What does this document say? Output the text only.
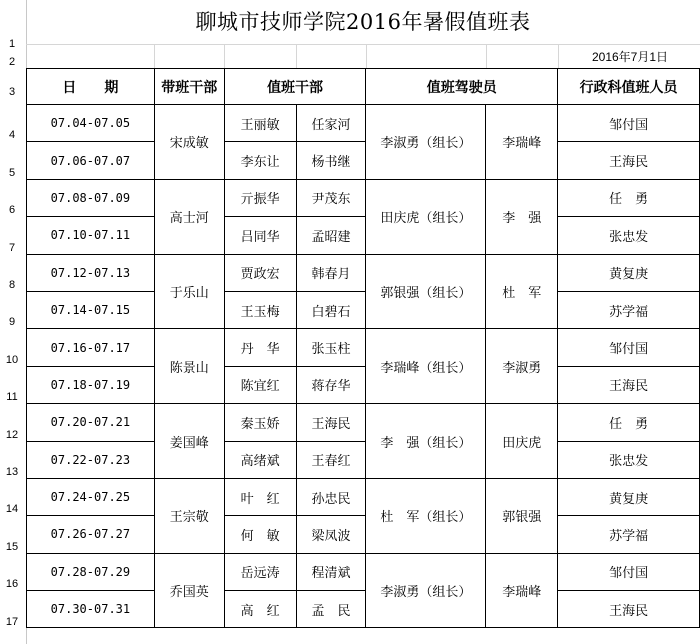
1
2
3
4
5
6
7
8
9
10
11
12
13
14
15
16
17
聊城市技师学院2016年暑假值班表
2016年7月1日
日　　期	带班干部	值班干部		值班驾驶员		行政科值班人员
07.04-07.05	宋成敏	王丽敏	任家河	李淑勇（组长）	李瑞峰	邹付国
07.06-07.07		李东让	杨书继			王海民
07.08-07.09	高士河	亓振华	尹茂东	田庆虎（组长）	李　强	任　勇
07.10-07.11		吕同华	孟昭建			张忠发
07.12-07.13	于乐山	贾政宏	韩春月	郭银强（组长）	杜　军	黄复庚
07.14-07.15		王玉梅	白碧石			苏学福
07.16-07.17	陈景山	丹　华	张玉柱	李瑞峰（组长）	李淑勇	邹付国
07.18-07.19		陈宜红	蒋存华			王海民
07.20-07.21	姜国峰	秦玉娇	王海民	李　强（组长）	田庆虎	任　勇
07.22-07.23		高绪斌	王春红			张忠发
07.24-07.25	王宗敬	叶　红	孙忠民	杜　军（组长）	郭银强	黄复庚
07.26-07.27		何　敏	梁凤波			苏学福
07.28-07.29	乔国英	岳远涛	程清斌	李淑勇（组长）	李瑞峰	邹付国
07.30-07.31		高　红	孟　民			王海民
